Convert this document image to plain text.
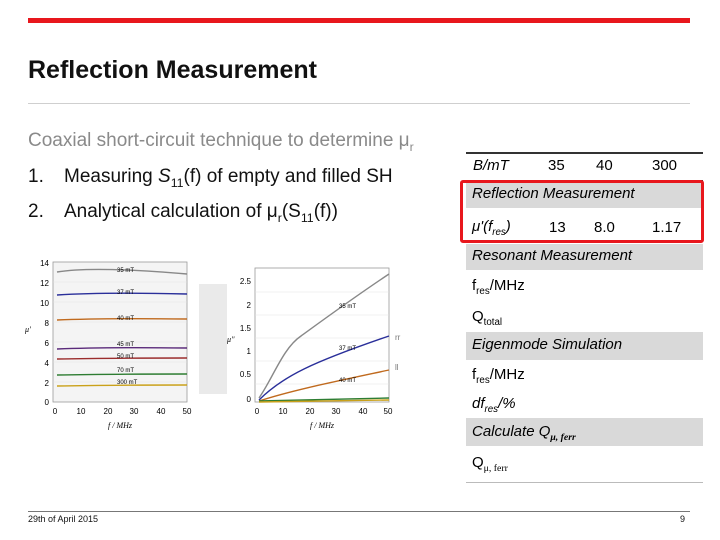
Reflection Measurement
Coaxial short-circuit technique to determine $\mu_r$
1. Measuring $S_{11}(f)$ of empty and filled SH
2. Analytical calculation of $\mu_r(S_{11}(f))$
35 mT
37 mT
40 mT
45 mT
50 mT
70 mT
300 mT
14
12
10
8
6
4
2
0
0 10 20 30 40 50
f / MHz
μ'
rr
ll
35 mT
37 mT
40 mT
2.5
2
1.5
1
0.5
0
0 10 20 30 40 50
f / MHz
μ''
B/mT	35 40	300
Reflection Measurement
$\mu'(f_{res})$	13 8.0 1.17
Resonant Measurement
$f_{res}$/MHz
$Q_{total}$
Eigenmode Simulation
$f_{res}$/MHz
$df_{res}/\%$
Calculate $Q_{\mu, ferr}$
$Q_{\mu, ferr}$
29th of April 2015	9
